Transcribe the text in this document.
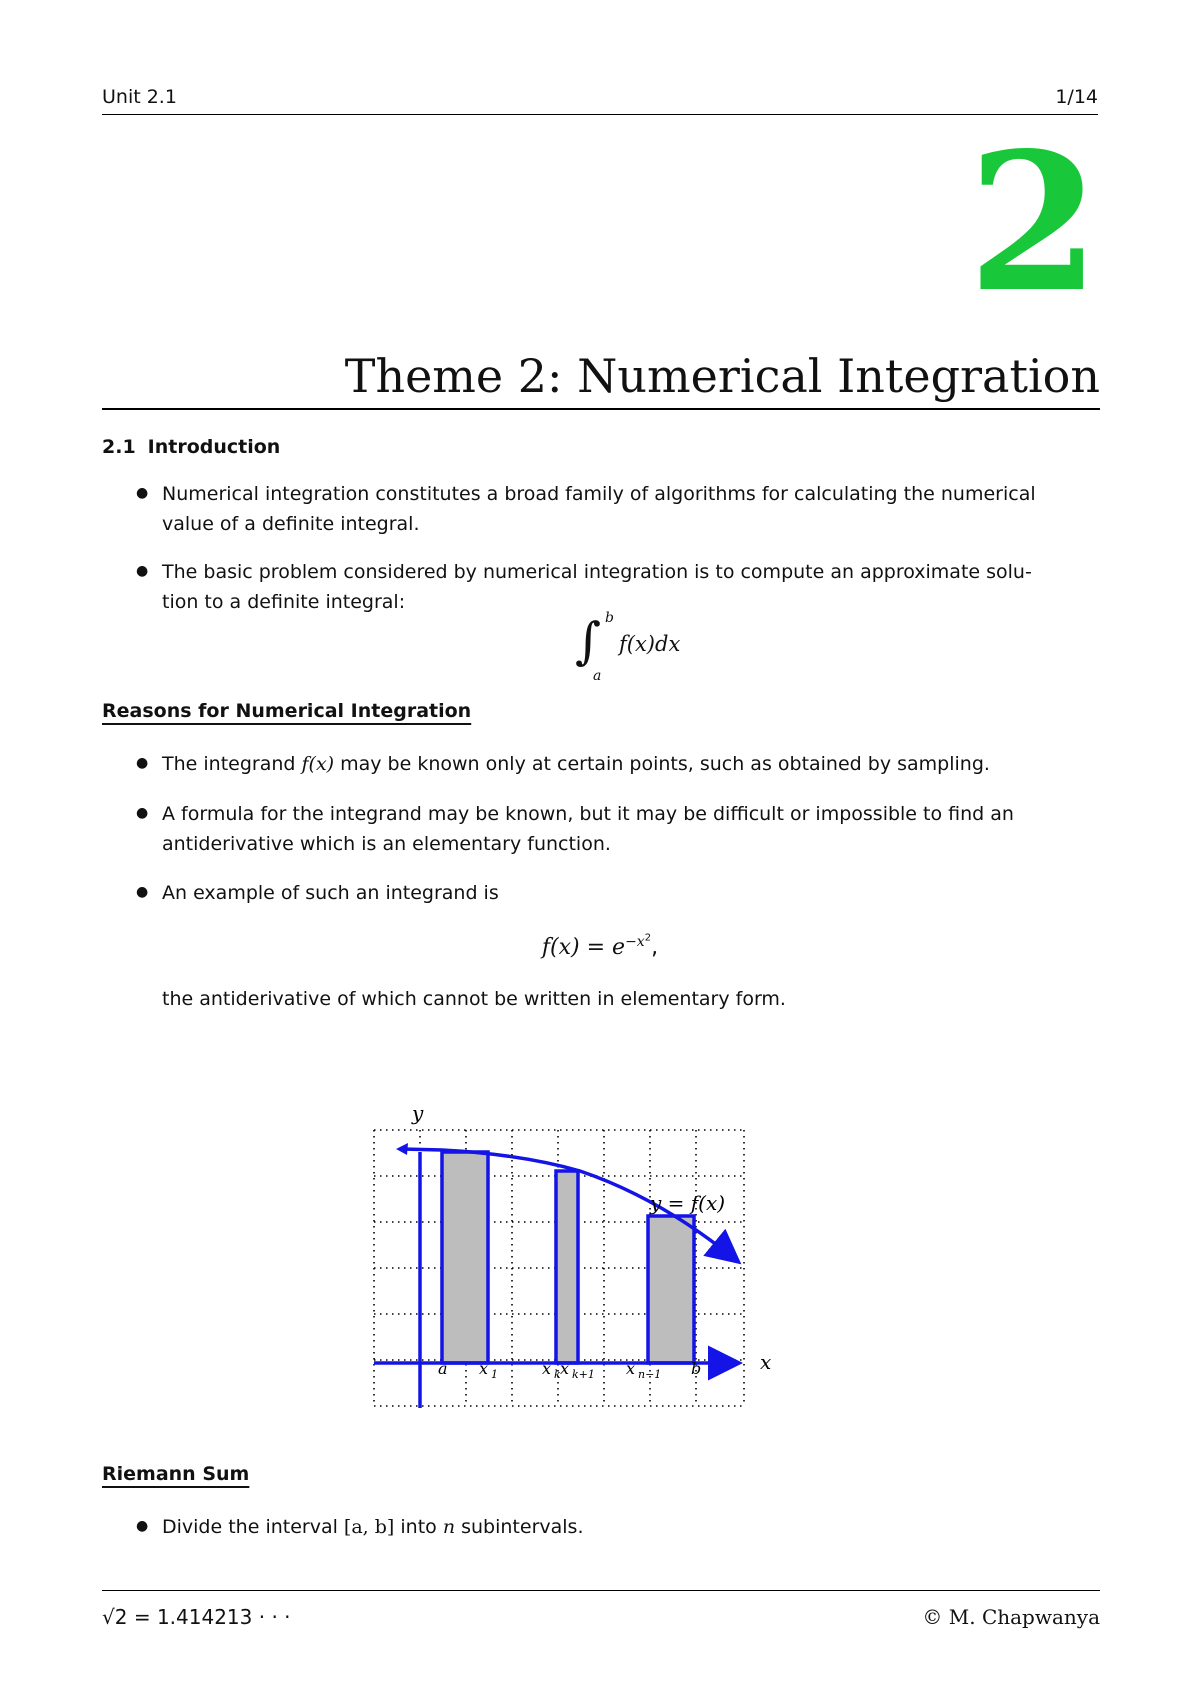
Unit 2.1	1/14
2
Theme 2: Numerical Integration
2.1 Introduction
● Numerical integration constitutes a broad family of algorithms for calculating the numerical
value of a definite integral.
● The basic problem considered by numerical integration is to compute an approximate solu-
tion to a definite integral:
∫ b
a
f(x)dx
Reasons for Numerical Integration
● The integrand f(x) may be known only at certain points, such as obtained by sampling.
● A formula for the integrand may be known, but it may be difficult or impossible to find an
antiderivative which is an elementary function.
● An example of such an integrand is
$f(x) = e^{-x^2}$,
the antiderivative of which cannot be written in elementary form.
y
x
y = f(x)
a x 1	x k x k+1 x n−1 b
Riemann Sum
● Divide the interval [a, b] into n subintervals.
√2 = 1.414213 · · ·	© M. Chapwanya
